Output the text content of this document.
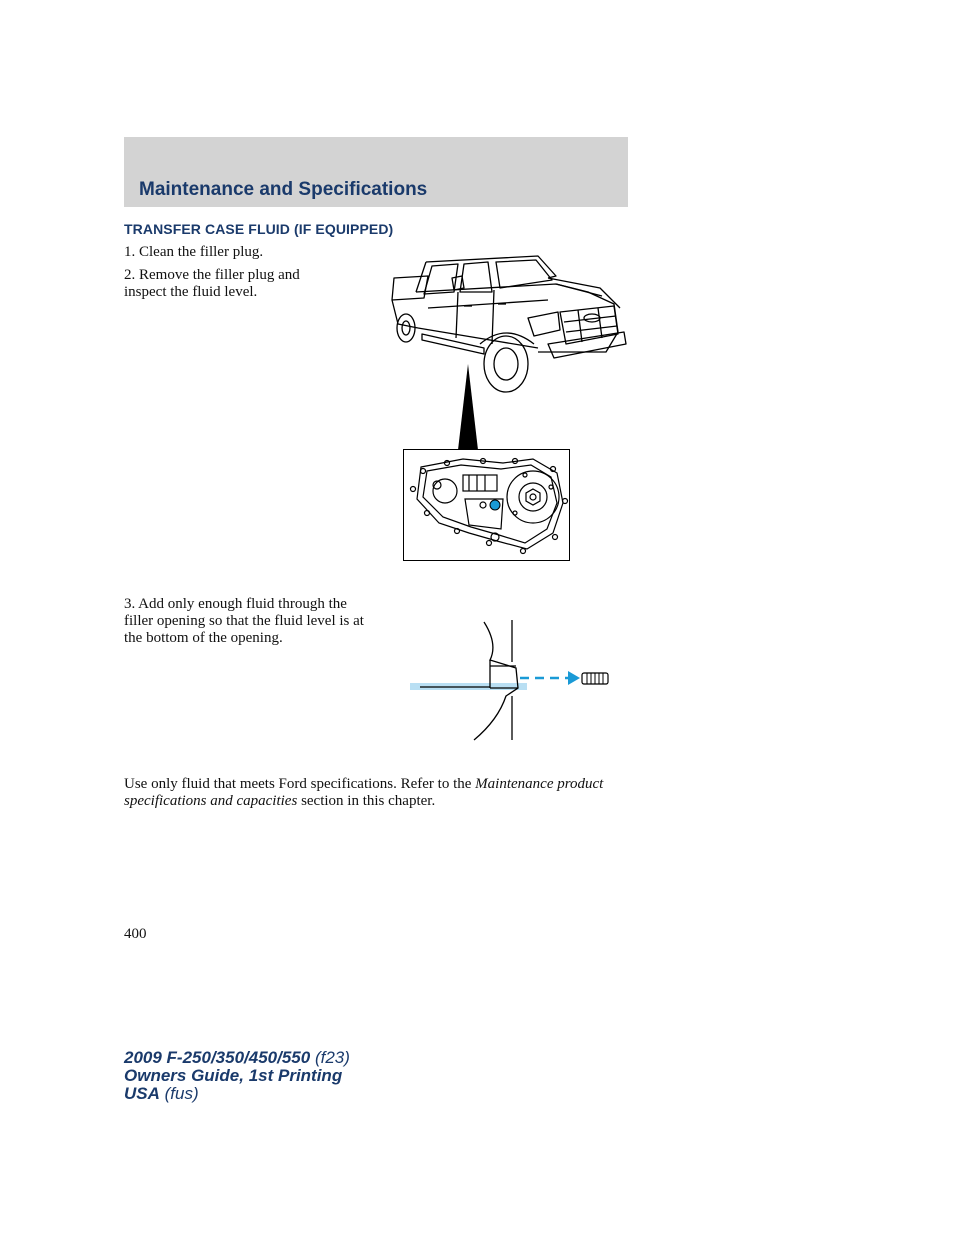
Maintenance and Specifications
TRANSFER CASE FLUID (IF EQUIPPED)
1. Clean the filler plug.
2. Remove the filler plug and inspect the fluid level.
3. Add only enough fluid through the filler opening so that the fluid level is at the bottom of the opening.
Use only fluid that meets Ford specifications. Refer to the Maintenance product specifications and capacities section in this chapter.
400
2009 F-250/350/450/550 (f23)
Owners Guide, 1st Printing
USA (fus)
